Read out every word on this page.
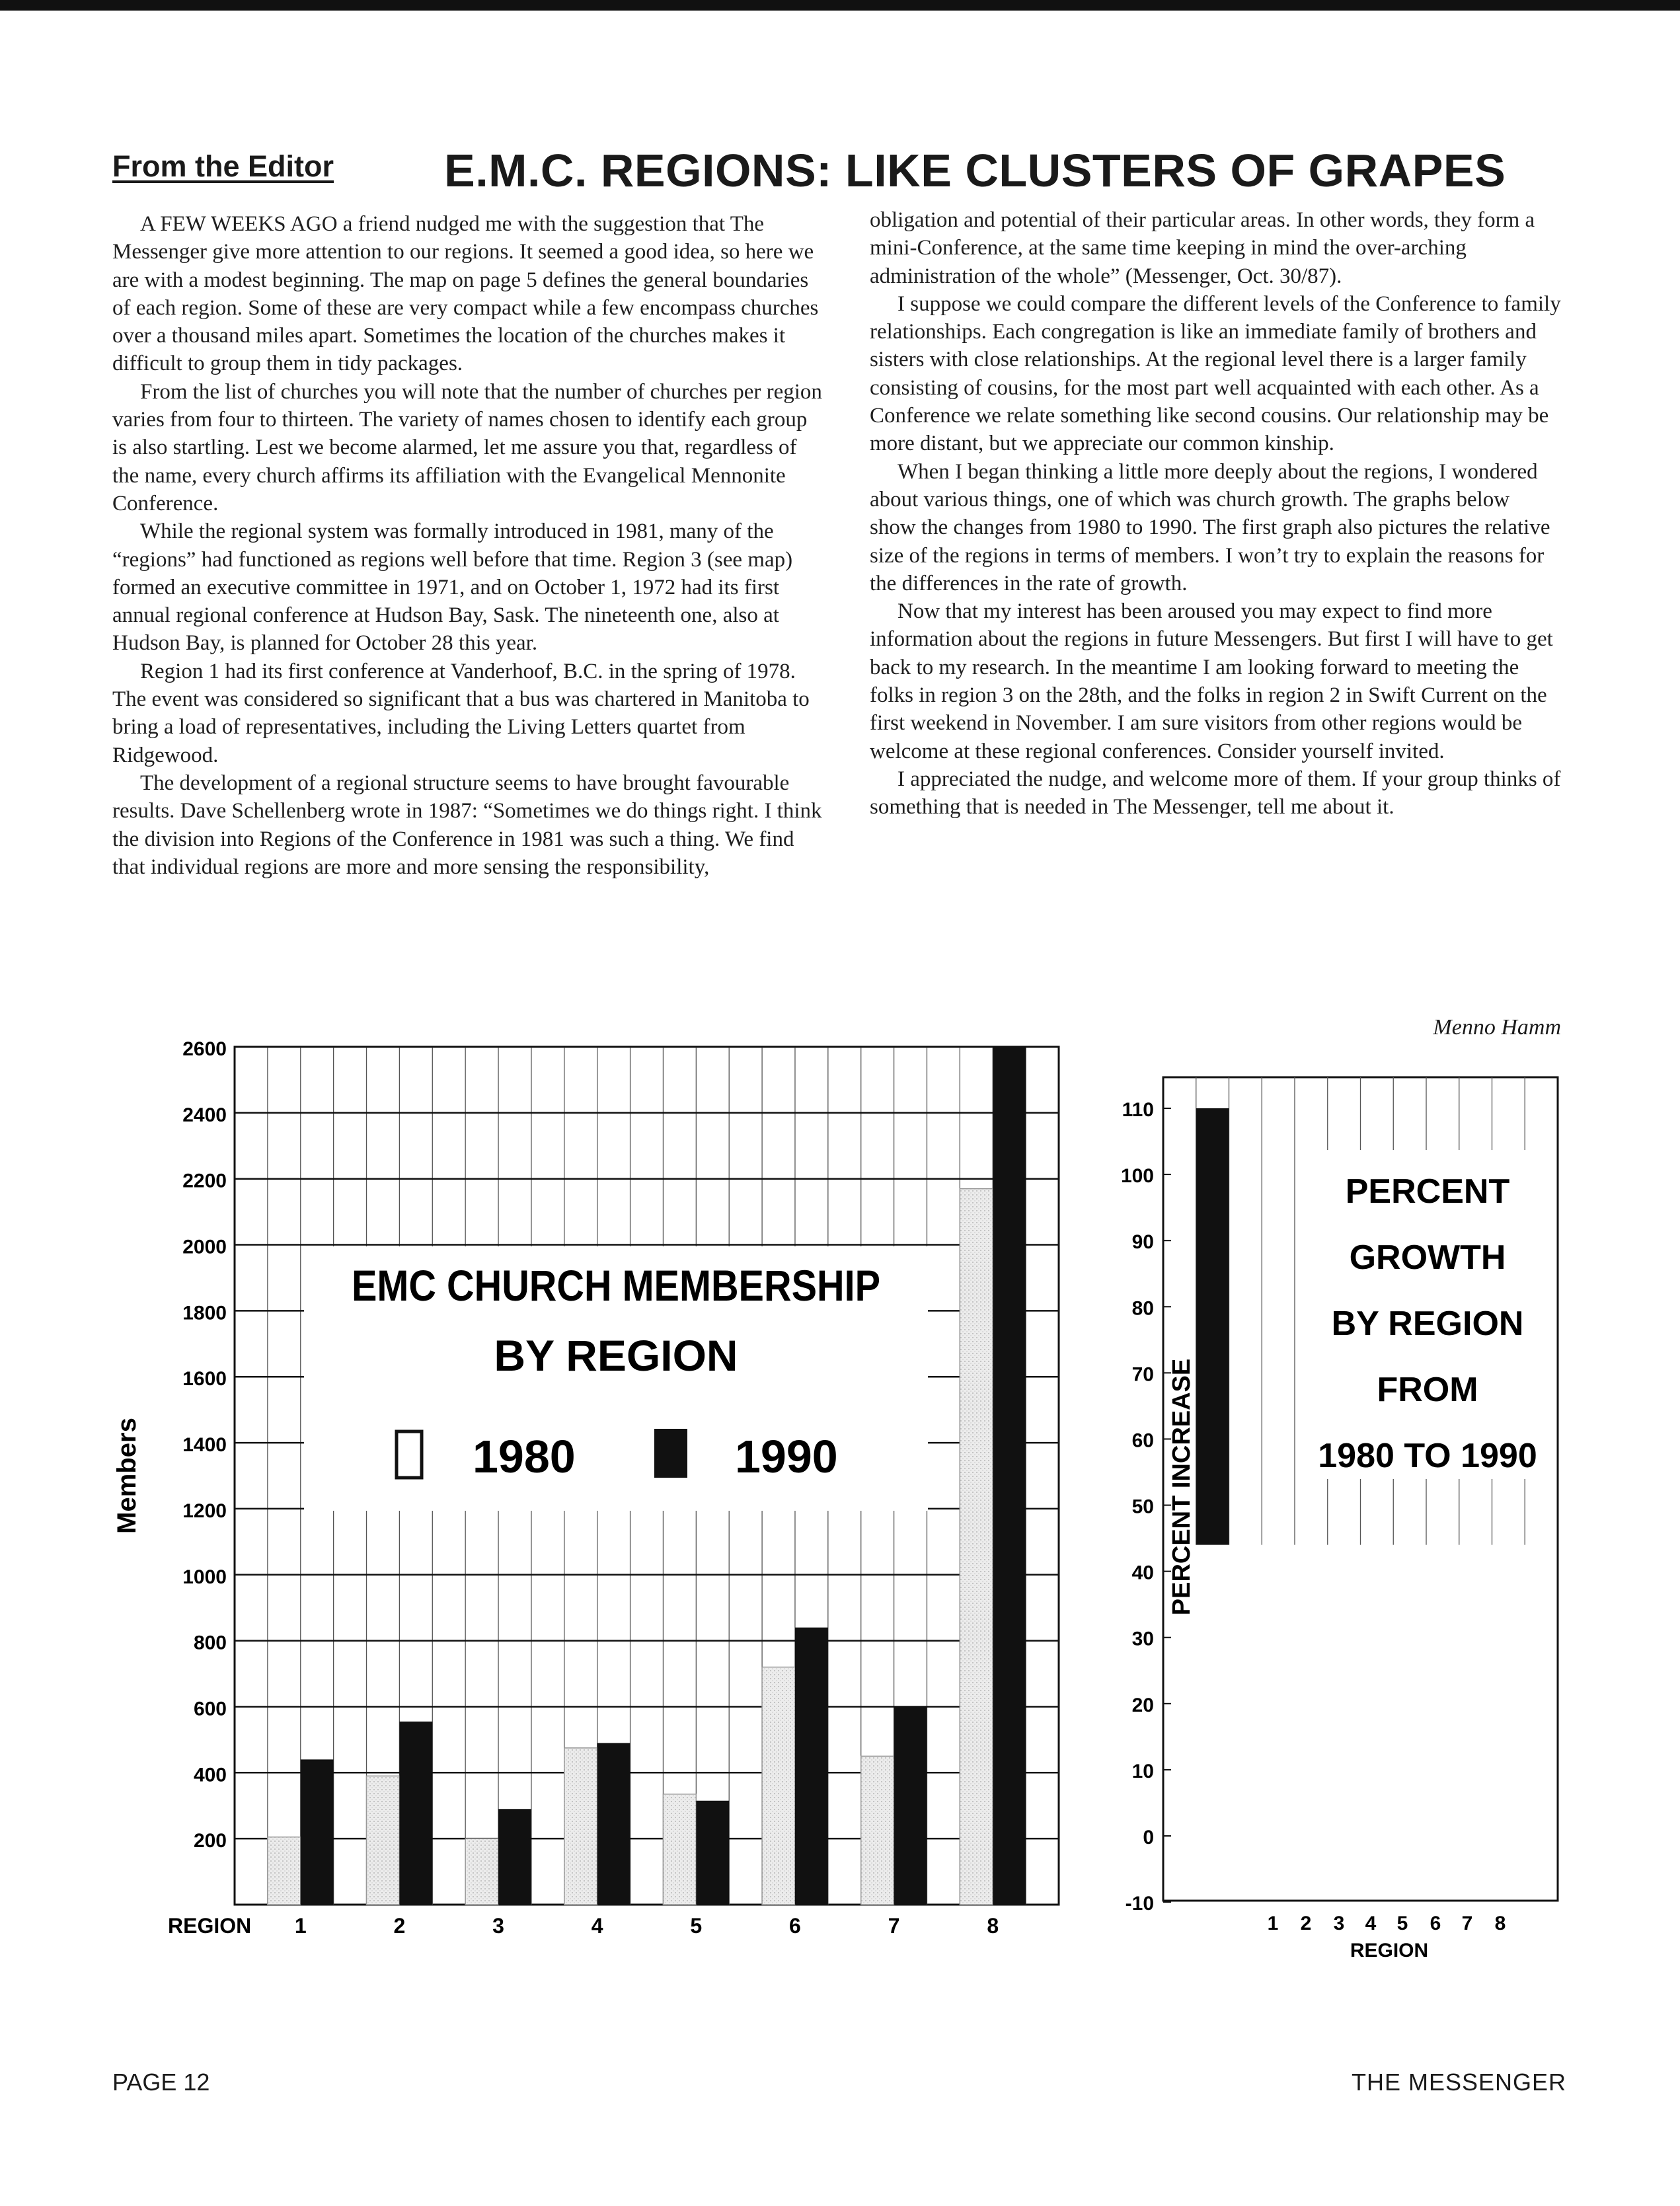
From the Editor E.M.C. REGIONS: LIKE CLUSTERS OF GRAPES

A FEW WEEKS AGO a friend nudged me with the suggestion that The Messenger give more attention to our regions. It seemed a good idea, so here we are with a modest beginning. The map on page 5 defines the general boundaries of each region. Some of these are very compact while a few encompass churches over a thousand miles apart. Sometimes the location of the churches makes it difficult to group them in tidy packages.

From the list of churches you will note that the number of churches per region varies from four to thirteen. The variety of names chosen to identify each group is also startling. Lest we become alarmed, let me assure you that, regardless of the name, every church affirms its affiliation with the Evangelical Mennonite Conference.

While the regional system was formally introduced in 1981, many of the “regions” had functioned as regions well before that time. Region 3 (see map) formed an executive committee in 1971, and on October 1, 1972 had its first annual regional conference at Hudson Bay, Sask. The nineteenth one, also at Hudson Bay, is planned for October 28 this year.

Region 1 had its first conference at Vanderhoof, B.C. in the spring of 1978. The event was considered so significant that a bus was chartered in Manitoba to bring a load of representatives, including the Living Letters quartet from Ridgewood.

The development of a regional structure seems to have brought favourable results. Dave Schellenberg wrote in 1987: “Sometimes we do things right. I think the division into Regions of the Conference in 1981 was such a thing. We find that individual regions are more and more sensing the responsibility,

obligation and potential of their particular areas. In other words, they form a mini-Conference, at the same time keeping in mind the over-arching administration of the whole” (Messenger, Oct. 30/87).

I suppose we could compare the different levels of the Conference to family relationships. Each congregation is like an immediate family of brothers and sisters with close relationships. At the regional level there is a larger family consisting of cousins, for the most part well acquainted with each other. As a Conference we relate something like second cousins. Our relationship may be more distant, but we appreciate our common kinship.

When I began thinking a little more deeply about the regions, I wondered about various things, one of which was church growth. The graphs below show the changes from 1980 to 1990. The first graph also pictures the relative size of the regions in terms of members. I won’t try to explain the reasons for the differences in the rate of growth.

Now that my interest has been aroused you may expect to find more information about the regions in future Messengers. But first I will have to get back to my research. In the meantime I am looking forward to meeting the folks in region 3 on the 28th, and the folks in region 2 in Swift Current on the first weekend in November. I am sure visitors from other regions would be welcome at these regional conferences. Consider yourself invited.

I appreciated the nudge, and welcome more of them. If your group thinks of something that is needed in The Messenger, tell me about it.

Menno Hamm
200
400
600
800
1000
1200
1400
1600
1800
2000
2200
2400
2600
EMC CHURCH MEMBERSHIP
BY REGION
1980	1990
1	2	3	4	5	6	7	8
REGION
Members
PERCENT
GROWTH
BY REGION
FROM
1980 TO 1990
-10
0
10
20
30
40
50
60
70
80
90
100
110
1 2 3 4 5 6 7 8
REGION
PERCENT INCREASE
PAGE 12	THE MESSENGER
